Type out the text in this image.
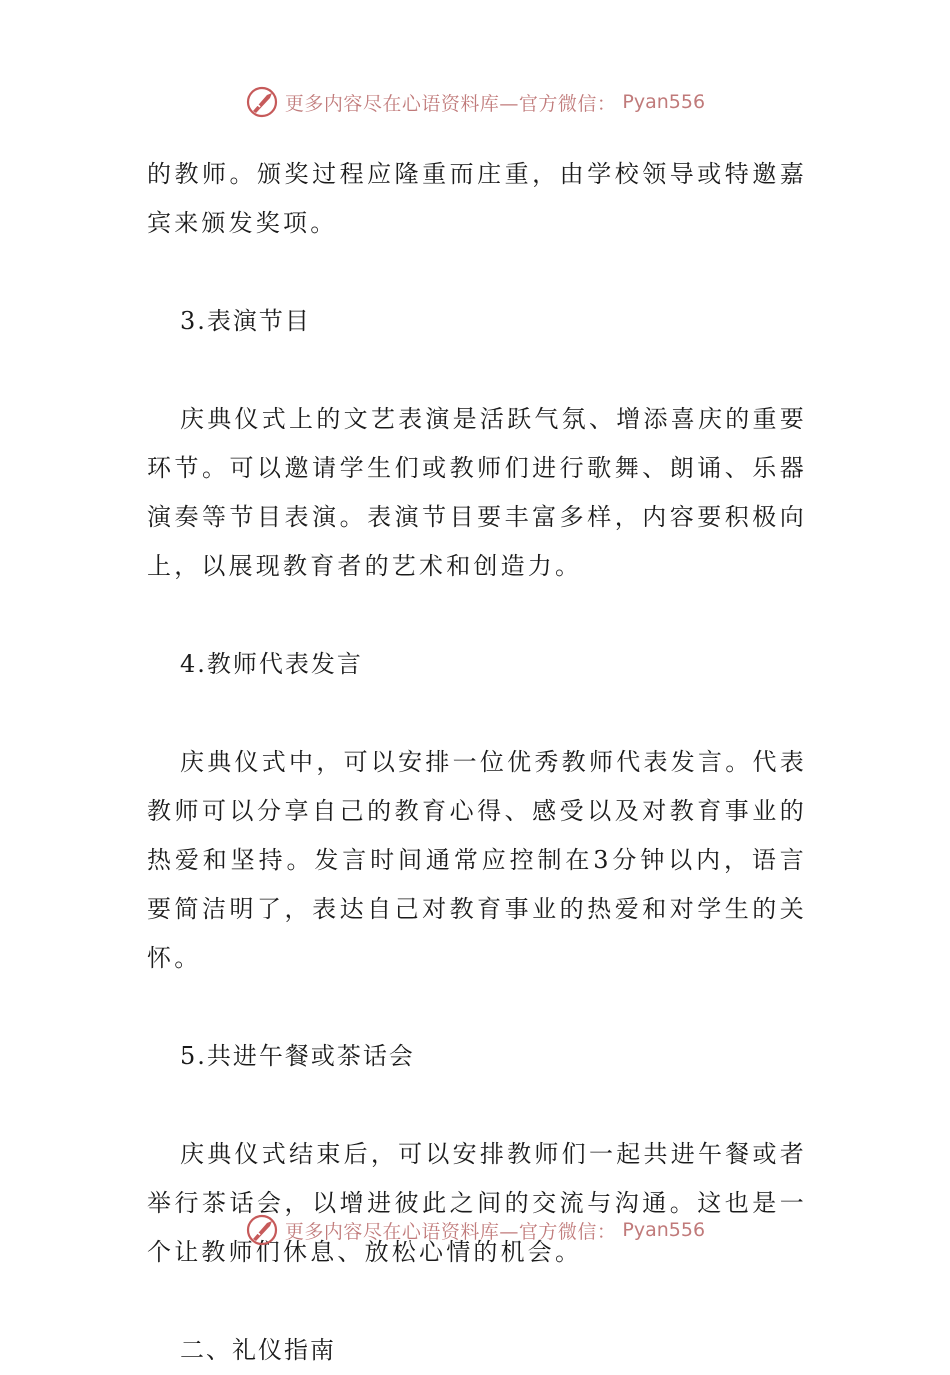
更多内容尽在心语资料库—官方微信： Pyan556

的教师。颁奖过程应隆重而庄重，由学校领导或特邀嘉宾来颁发奖项。

3.表演节目

庆典仪式上的文艺表演是活跃气氛、增添喜庆的重要环节。可以邀请学生们或教师们进行歌舞、朗诵、乐器演奏等节目表演。表演节目要丰富多样，内容要积极向上，以展现教育者的艺术和创造力。

4.教师代表发言

庆典仪式中，可以安排一位优秀教师代表发言。代表教师可以分享自己的教育心得、感受以及对教育事业的热爱和坚持。发言时间通常应控制在3分钟以内，语言要简洁明了，表达自己对教育事业的热爱和对学生的关怀。

5.共进午餐或茶话会

庆典仪式结束后，可以安排教师们一起共进午餐或者举行茶话会，以增进彼此之间的交流与沟通。这也是一个让教师们休息、放松心情的机会。

二、礼仪指南

更多内容尽在心语资料库—官方微信： Pyan556
